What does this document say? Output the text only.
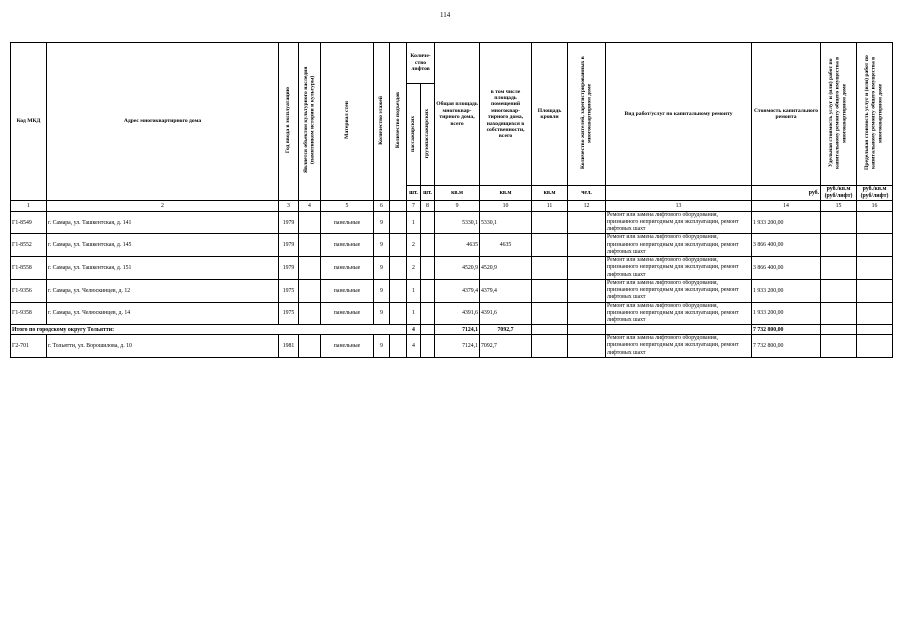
114
Код МКД	Адрес многоквартирного дома	Год ввода в эксплуатацию	Является объектом культурного наследия (памятником истории и культуры)	Материал стен	Количество этажей	Количество подъездов	Количе-ство лифтов		Общая площадь многоквар-тирного дома, всего	в том числе площадь помещений многоквар-тирного дома, находящихся в собственности, всего	Площадь кровли	Количество жителей, зарегистрированных в многоквартирном доме	Вид работ/услуг по капитальному ремонту	Стоимость капитального ремонта	Удельная стоимость услуг и (или) работ по капитальному ремонту общего имущества в многоквартирном доме	Предельная стоимость услуг и (или) работ по капитальному ремонту общего имущества в многоквартирном доме
							пассажирских	грузопассажирских								
							шт.	шт.	кв.м	кв.м	кв.м	чел.		руб.	руб./кв.м (руб/лифт)	руб./кв.м (руб/лифт)
1	2	3	4	5	6		7	8	9	10	11	12	13	14	15	16
Г1-8549	г. Самара, ул. Ташкентская, д. 141	1979		панельные	9		1		5330,1	5330,1			Ремонт или замена лифтового оборудования, признанного непригодным для эксплуатации, ремонт лифтовых шахт	1 933 200,00		
Г1-8552	г. Самара, ул. Ташкентская, д. 145	1979		панельные	9		2		4635	4635			Ремонт или замена лифтового оборудования, признанного непригодным для эксплуатации, ремонт лифтовых шахт	3 866 400,00		
Г1-8558	г. Самара, ул. Ташкентская, д. 151	1979		панельные	9		2		4520,9	4520,9			Ремонт или замена лифтового оборудования, признанного непригодным для эксплуатации, ремонт лифтовых шахт	3 866 400,00		
Г1-9356	г. Самара, ул. Челюскинцев, д. 12	1975		панельные	9		1		4379,4	4379,4			Ремонт или замена лифтового оборудования, признанного непригодным для эксплуатации, ремонт лифтовых шахт	1 933 200,00		
Г1-9358	г. Самара, ул. Челюскинцев, д. 14	1975		панельные	9		1		4391,6	4391,6			Ремонт или замена лифтового оборудования, признанного непригодным для эксплуатации, ремонт лифтовых шахт	1 933 200,00		
Итого по городскому округу Тольятти:							4		7124,1	7092,7				7 732 800,00		
Г2-701	г. Тольятти, ул. Ворошилова, д. 10	1981		панельные	9		4		7124,1	7092,7			Ремонт или замена лифтового оборудования, признанного непригодным для эксплуатации, ремонт лифтовых шахт	7 732 800,00		
